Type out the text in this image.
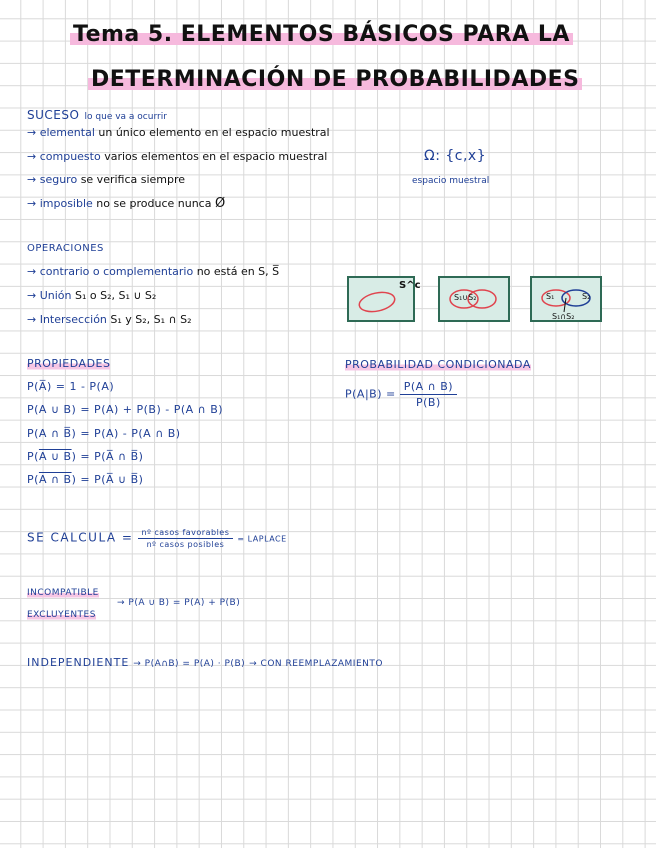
Tema 5. ELEMENTOS BÁSICOS PARA LA
DETERMINACIÓN DE PROBABILIDADES
SUCESO lo que va a ocurrir
→ elemental un único elemento en el espacio muestral
→ compuesto varios elementos en el espacio muestral
→ seguro se verifica siempre
→ imposible no se produce nunca Ø
Ω: {c,x}
espacio muestral
OPERACIONES
→ contrario o complementario no está en S, S̅
→ Unión S₁ o S₂, S₁ ∪ S₂
→ Intersección S₁ y S₂, S₁ ∩ S₂
S^c
S₁∪S₂	S₁	S₂
S₁∩S₂
PROPIEDADES
P(A̅) = 1 - P(A)
P(A ∪ B) = P(A) + P(B) - P(A ∩ B)
P(A ∩ B̅) = P(A) - P(A ∩ B)
P(A ∪ B) = P(A̅ ∩ B̅)
P(A ∩ B) = P(A̅ ∪ B̅)
PROBABILIDAD CONDICIONADA
$P(A|B) = \frac{P(A \cap B)}{P(B)}$
SE CALCULA = $\frac{\text{nº casos favorables}}{\text{nº casos posibles}}$ = LAPLACE
INCOMPATIBLE
EXCLUYENTES
→ P(A ∪ B) = P(A) + P(B)
INDEPENDIENTE → P(A∩B) = P(A) · P(B) → CON REEMPLAZAMIENTO
